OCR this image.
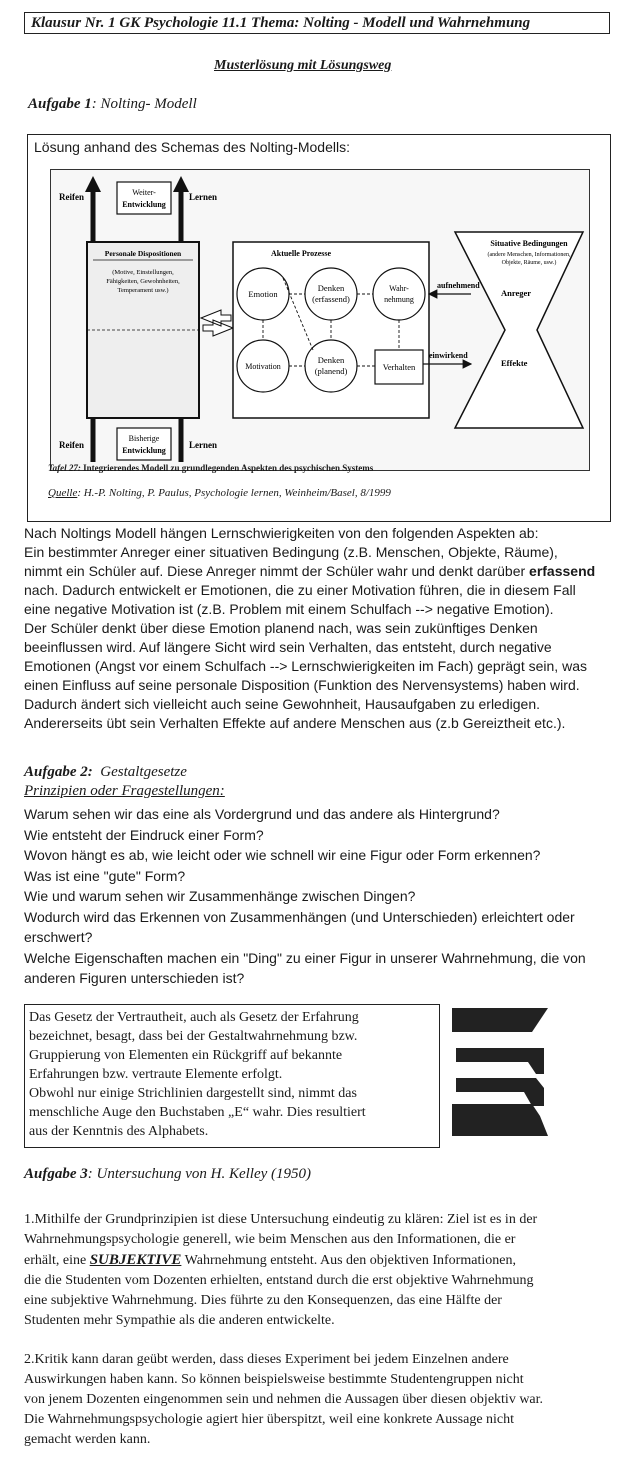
Klausur Nr. 1 GK Psychologie 11.1 Thema: Nolting - Modell und Wahrnehmung
Musterlösung mit Lösungsweg
Aufgabe 1: Nolting- Modell
Lösung anhand des Schemas des Nolting-Modells:
Reifen	Lernen
Weiter-
Entwicklung
Personale Dispositionen
(Motive, Einstellungen,
Fähigkeiten, Gewohnheiten,
Temperament usw.)
Aktuelle Prozesse
Emotion
Denken
(erfassend)
Wahr-
nehmung
Motivation
Denken
(planend)	Verhalten
aufnehmend
einwirkend
Situative Bedingungen
(andere Menschen, Informationen,
Objekte, Räume, usw.)
Anreger
Effekte
Reifen	Lernen
Bisherige
Entwicklung
Tafel 27: Integrierendes Modell zu grundlegenden Aspekten des psychischen Systems
Quelle: H.-P. Nolting, P. Paulus, Psychologie lernen, Weinheim/Basel, 8/1999
Nach Noltings Modell hängen Lernschwierigkeiten von den folgenden Aspekten ab:
Ein bestimmter Anreger einer situativen Bedingung (z.B. Menschen, Objekte, Räume),
nimmt ein Schüler auf. Diese Anreger nimmt der Schüler wahr und denkt darüber erfassend
nach. Dadurch entwickelt er Emotionen, die zu einer Motivation führen, die in diesem Fall
eine negative Motivation ist (z.B. Problem mit einem Schulfach --> negative Emotion).
Der Schüler denkt über diese Emotion planend nach, was sein zukünftiges Denken
beeinflussen wird. Auf längere Sicht wird sein Verhalten, das entsteht, durch negative
Emotionen (Angst vor einem Schulfach --> Lernschwierigkeiten im Fach) geprägt sein, was
einen Einfluss auf seine personale Disposition (Funktion des Nervensystems) haben wird.
Dadurch ändert sich vielleicht auch seine Gewohnheit, Hausaufgaben zu erledigen.
Andererseits übt sein Verhalten Effekte auf andere Menschen aus (z.b Gereiztheit etc.).
Aufgabe 2: Gestaltgesetze
Prinzipien oder Fragestellungen:
Warum sehen wir das eine als Vordergrund und das andere als Hintergrund?
Wie entsteht der Eindruck einer Form?
Wovon hängt es ab, wie leicht oder wie schnell wir eine Figur oder Form erkennen?
Was ist eine "gute" Form?
Wie und warum sehen wir Zusammenhänge zwischen Dingen?
Wodurch wird das Erkennen von Zusammenhängen (und Unterschieden) erleichtert oder
erschwert?
Welche Eigenschaften machen ein "Ding" zu einer Figur in unserer Wahrnehmung, die von
anderen Figuren unterschieden ist?
Das Gesetz der Vertrautheit, auch als Gesetz der Erfahrung
bezeichnet, besagt, dass bei der Gestaltwahrnehmung bzw.
Gruppierung von Elementen ein Rückgriff auf bekannte
Erfahrungen bzw. vertraute Elemente erfolgt.
Obwohl nur einige Strichlinien dargestellt sind, nimmt das
menschliche Auge den Buchstaben „E“ wahr. Dies resultiert
aus der Kenntnis des Alphabets.
Aufgabe 3: Untersuchung von H. Kelley (1950)
1.Mithilfe der Grundprinzipien ist diese Untersuchung eindeutig zu klären: Ziel ist es in der
Wahrnehmungspsychologie generell, wie beim Menschen aus den Informationen, die er
erhält, eine SUBJEKTIVE Wahrnehmung entsteht. Aus den objektiven Informationen,
die die Studenten vom Dozenten erhielten, entstand durch die erst objektive Wahrnehmung
eine subjektive Wahrnehmung. Dies führte zu den Konsequenzen, das eine Hälfte der
Studenten mehr Sympathie als die anderen entwickelte.
2.Kritik kann daran geübt werden, dass dieses Experiment bei jedem Einzelnen andere
Auswirkungen haben kann. So können beispielsweise bestimmte Studentengruppen nicht
von jenem Dozenten eingenommen sein und nehmen die Aussagen über diesen objektiv war.
Die Wahrnehmungspsychologie agiert hier überspitzt, weil eine konkrete Aussage nicht
gemacht werden kann.
